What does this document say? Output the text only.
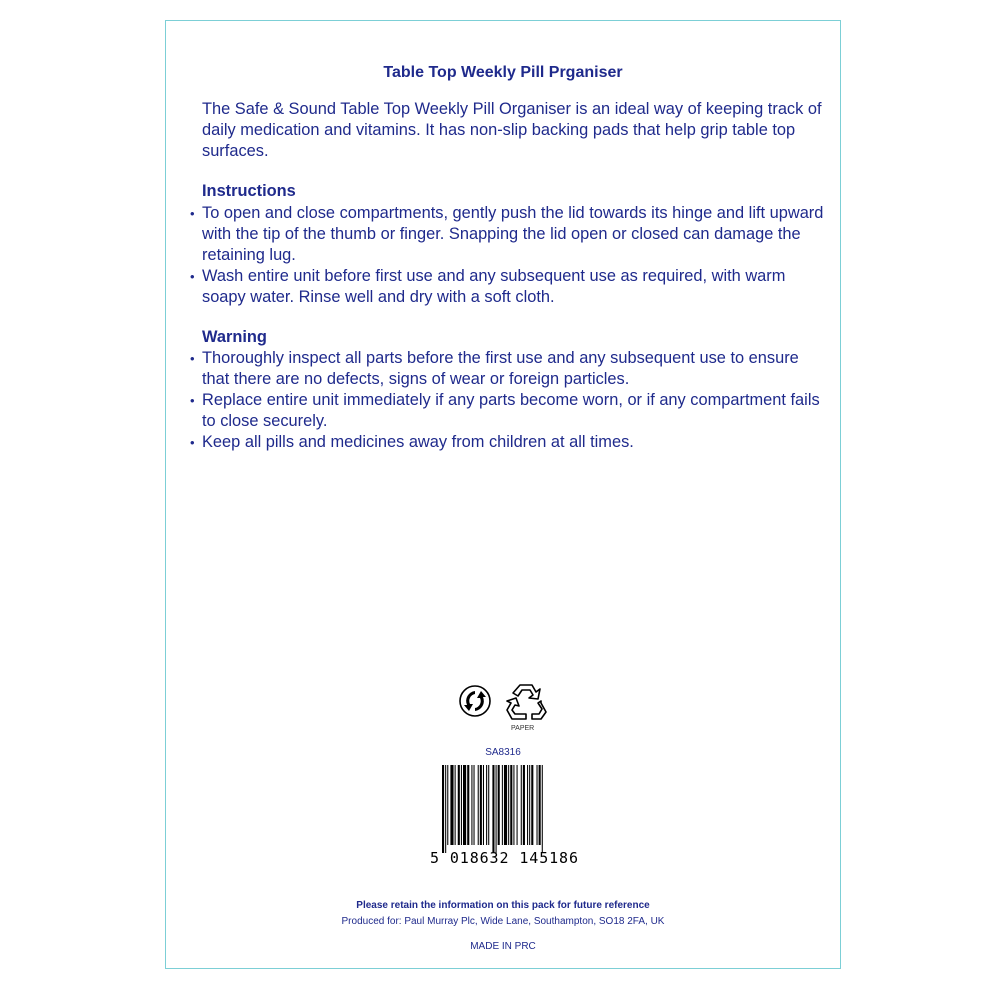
Table Top Weekly Pill Prganiser
The Safe & Sound Table Top Weekly Pill Organiser is an ideal way of keeping track of daily medication and vitamins. It has non-slip backing pads that help grip table top surfaces.
Instructions
• To open and close compartments, gently push the lid towards its hinge and lift upward with the tip of the thumb or finger. Snapping the lid open or closed can damage the retaining lug.
• Wash entire unit before first use and any subsequent use as required, with warm soapy water. Rinse well and dry with a soft cloth.
Warning
• Thoroughly inspect all parts before the first use and any subsequent use to ensure that there are no defects, signs of wear or foreign particles.
• Replace entire unit immediately if any parts become worn, or if any compartment fails to close securely.
• Keep all pills and medicines away from children at all times.
PAPER
SA8316
5 018632 145186
Please retain the information on this pack for future reference
Produced for: Paul Murray Plc, Wide Lane, Southampton, SO18 2FA, UK
MADE IN PRC
